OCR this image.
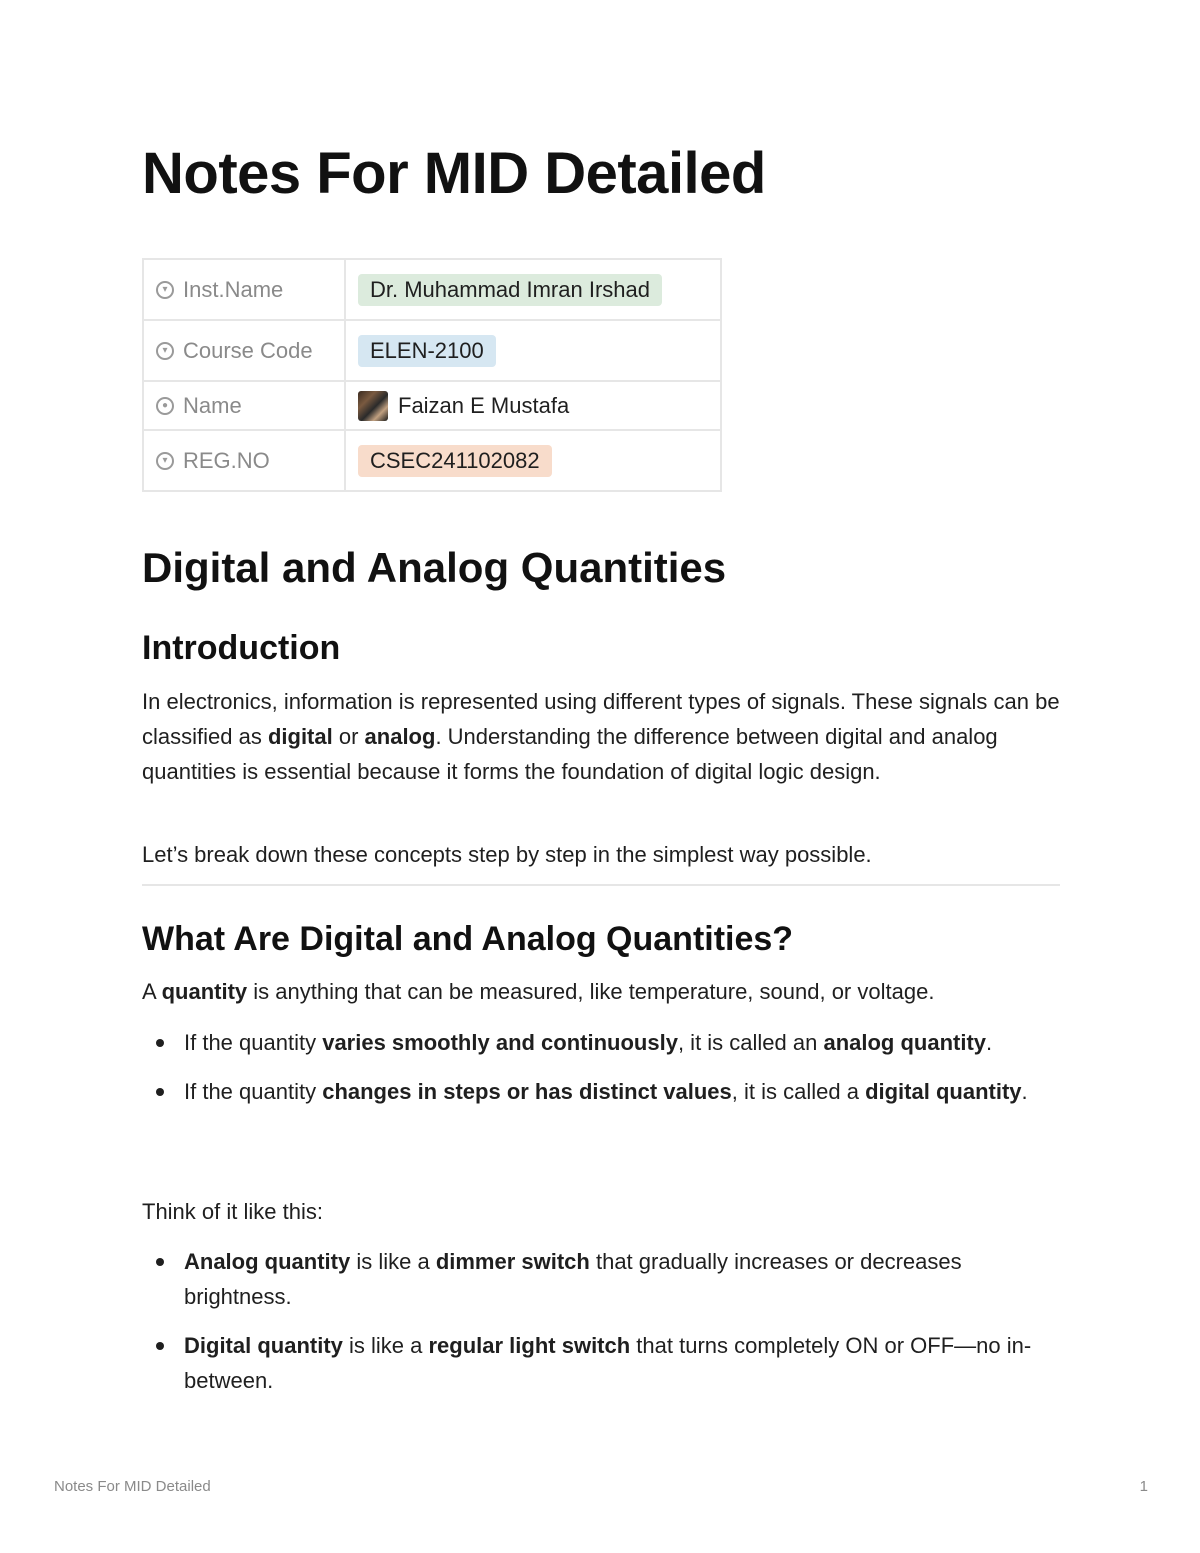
Notes For MID Detailed
▾ Inst.Name	Dr. Muhammad Imran Irshad

▾ Course Code	ELEN-2100

● Name	Faizan E Mustafa

▾ REG.NO	CSEC241102082
Digital and Analog Quantities
Introduction

In electronics, information is represented using different types of signals. These signals can be classified as digital or analog. Understanding the difference between digital and analog quantities is essential because it forms the foundation of digital logic design.

Let’s break down these concepts step by step in the simplest way possible.

What Are Digital and Analog Quantities?

A quantity is anything that can be measured, like temperature, sound, or voltage.

If the quantity varies smoothly and continuously, it is called an analog quantity.
If the quantity changes in steps or has distinct values, it is called a digital quantity.

Think of it like this:

Analog quantity is like a dimmer switch that gradually increases or decreases brightness.
Digital quantity is like a regular light switch that turns completely ON or OFF—no in-between.
Notes For MID Detailed	1
